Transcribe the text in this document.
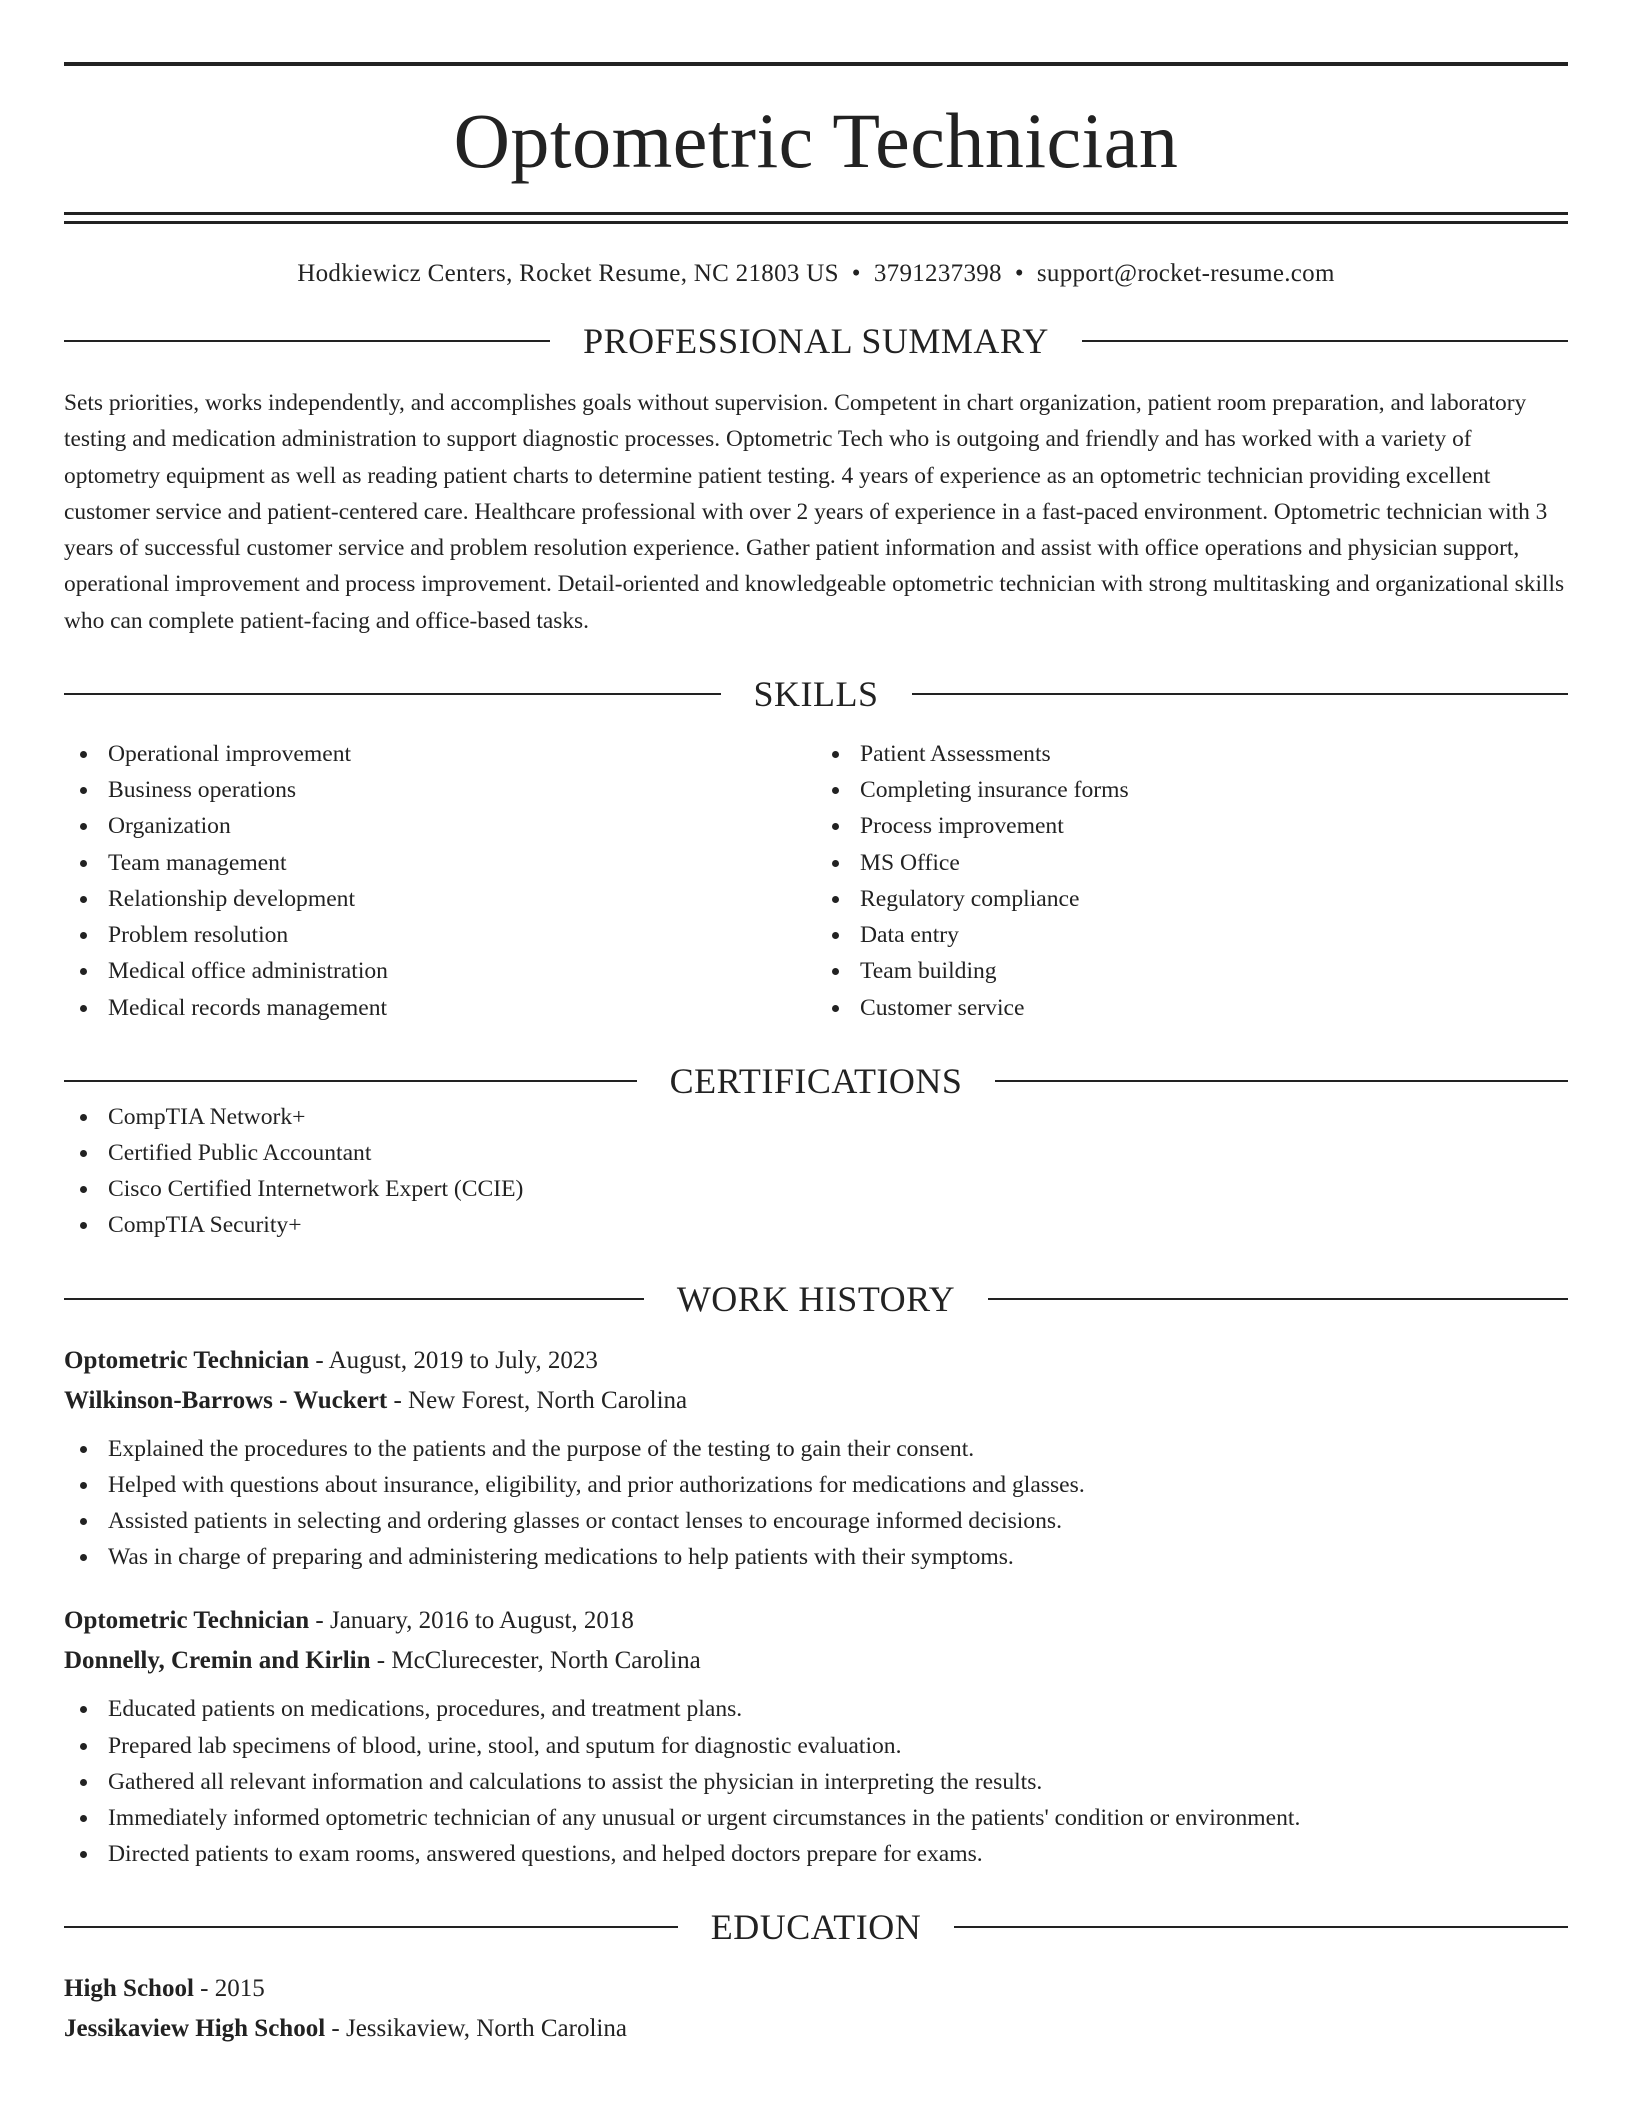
Optometric Technician
Hodkiewicz Centers, Rocket Resume, NC 21803 US • 3791237398 • support@rocket-resume.com
PROFESSIONAL SUMMARY
Sets priorities, works independently, and accomplishes goals without supervision. Competent in chart organization, patient room preparation, and laboratory testing and medication administration to support diagnostic processes. Optometric Tech who is outgoing and friendly and has worked with a variety of optometry equipment as well as reading patient charts to determine patient testing. 4 years of experience as an optometric technician providing excellent customer service and patient-centered care. Healthcare professional with over 2 years of experience in a fast-paced environment. Optometric technician with 3 years of successful customer service and problem resolution experience. Gather patient information and assist with office operations and physician support, operational improvement and process improvement. Detail-oriented and knowledgeable optometric technician with strong multitasking and organizational skills who can complete patient-facing and office-based tasks.
SKILLS
Operational improvement
Business operations
Organization
Team management
Relationship development
Problem resolution
Medical office administration
Medical records management
Patient Assessments
Completing insurance forms
Process improvement
MS Office
Regulatory compliance
Data entry
Team building
Customer service
CERTIFICATIONS
CompTIA Network+
Certified Public Accountant
Cisco Certified Internetwork Expert (CCIE)
CompTIA Security+
WORK HISTORY
Optometric Technician - August, 2019 to July, 2023
Wilkinson-Barrows - Wuckert - New Forest, North Carolina
Explained the procedures to the patients and the purpose of the testing to gain their consent.
Helped with questions about insurance, eligibility, and prior authorizations for medications and glasses.
Assisted patients in selecting and ordering glasses or contact lenses to encourage informed decisions.
Was in charge of preparing and administering medications to help patients with their symptoms.
Optometric Technician - January, 2016 to August, 2018
Donnelly, Cremin and Kirlin - McClurecester, North Carolina
Educated patients on medications, procedures, and treatment plans.
Prepared lab specimens of blood, urine, stool, and sputum for diagnostic evaluation.
Gathered all relevant information and calculations to assist the physician in interpreting the results.
Immediately informed optometric technician of any unusual or urgent circumstances in the patients' condition or environment.
Directed patients to exam rooms, answered questions, and helped doctors prepare for exams.
EDUCATION
High School - 2015
Jessikaview High School - Jessikaview, North Carolina
